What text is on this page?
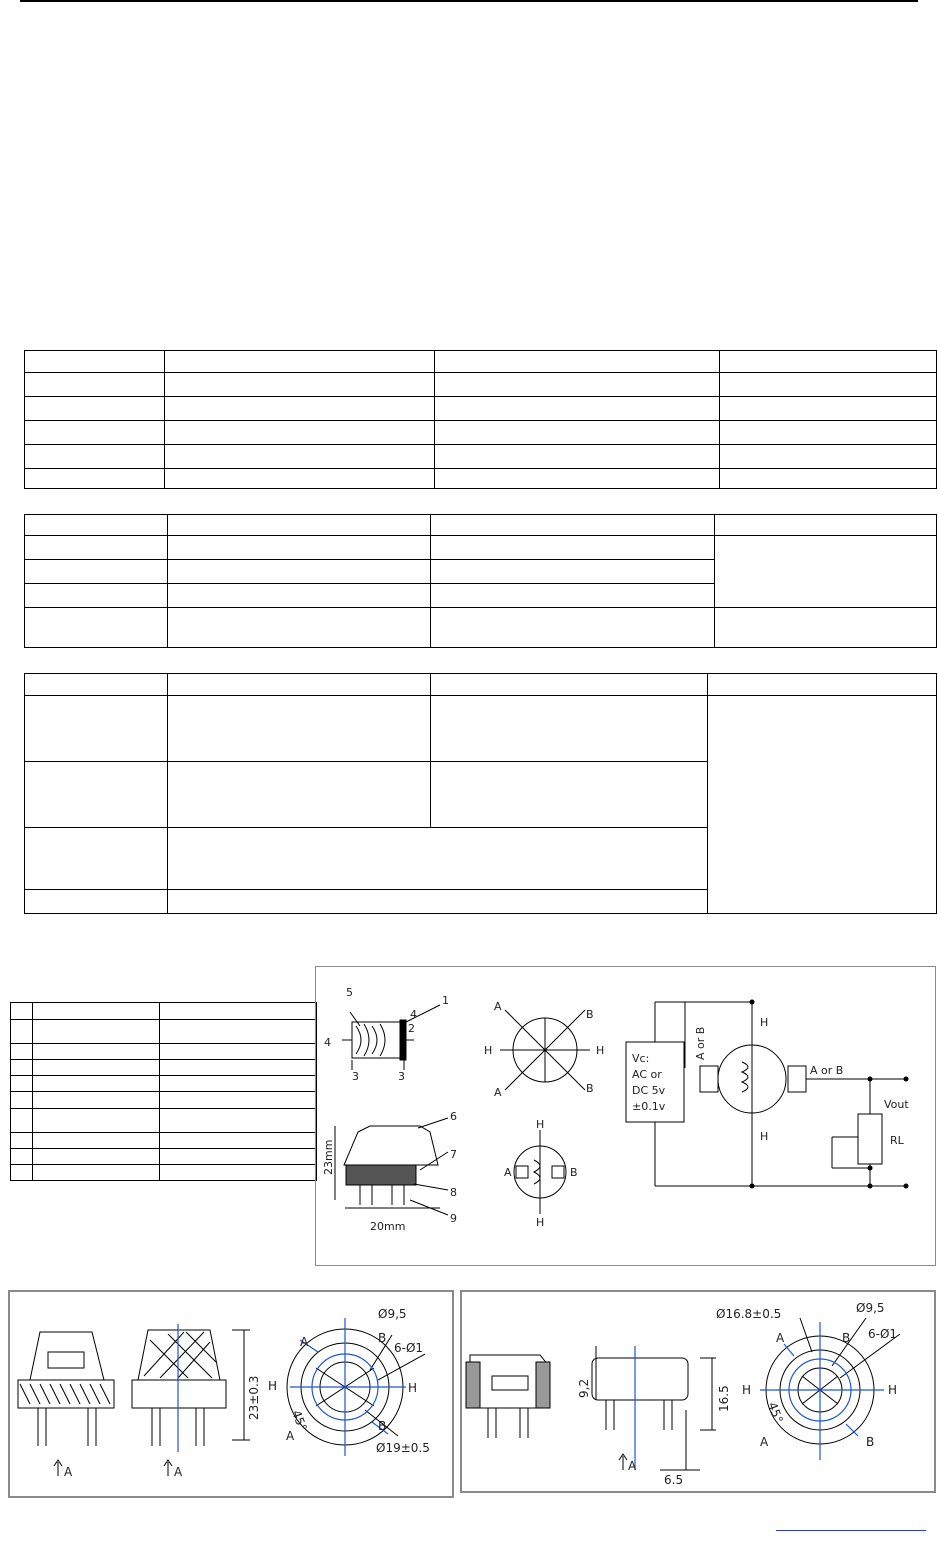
1
2
3	3
4
4
5
6
7
8
9
23mm
20mm
A
B
H	H
A	B
H
A	B
H
Vc:
AC or
DC 5v
±0.1v
A or B
A or B
H
H
Vout
RL
A	A
23±0.3
Ø9,5
6-Ø1
Ø19±0.5
A	B
H	H
A
B
45°
A
9,2	16.5
6.5
Ø16.8±0.5	Ø9,5
6-Ø1
A	B
H	H
A	B
45°
